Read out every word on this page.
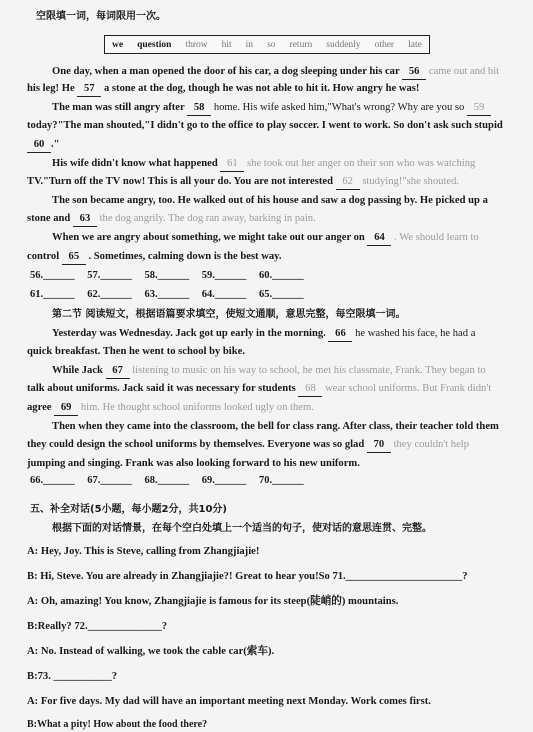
空限填一词，每词限用一次。
we question throw hit in so return suddenly other late
One day, when a man opened the door of his car, a dog sleeping under his car 56 came out and bit
his leg! He 57 a stone at the dog, though he was not able to hit it. How angry he was!
The man was still angry after 58 home. His wife asked him,"What's wrong? Why are you so 59
today?"The man shouted,"I didn't go to the office to play soccer. I went to work. So don't ask such stupid
60 ."
His wife didn't know what happened 61 she took out her anger on their son who was watching
TV."Turn off the TV now! This is all your do. You are not interested 62 studying!"she shouted.
The son became angry, too. He walked out of his house and saw a dog passing by. He picked up a
stone and 63 the dog angrily. The dog ran away, barking in pain.
When we are angry about something, we might take out our anger on 64 . We should learn to
control 65 . Sometimes, calming down is the best way.
56.______ 57.______ 58.______ 59.______ 60.______
61.______ 62.______ 63.______ 64.______ 65.______
第二节 阅读短文，根据语篇要求填空，使短文通顺，意思完整，每空限填一词。
Yesterday was Wednesday. Jack got up early in the morning. 66 he washed his face, he had a
quick breakfast. Then he went to school by bike.
While Jack 67 listening to music on his way to school, he met his classmate, Frank. They began to
talk about uniforms. Jack said it was necessary for students 68 wear school uniforms. But Frank didn't
agree 69 him. He thought school uniforms looked ugly on them.
Then when they came into the classroom, the bell for class rang. After class, their teacher told them
they could design the school uniforms by themselves. Everyone was so glad 70 they couldn't help
jumping and singing. Frank was also looking forward to his new uniform.
66.______ 67.______ 68.______ 69.______ 70.______
五、补全对话(5小题，每小题2分，共10分)
根据下面的对话情景，在每个空白处填上一个适当的句子，使对话的意思连贯、完整。
A: Hey, Joy. This is Steve, calling from Zhangjiajie!
B: Hi, Steve. You are already in Zhangjiajie?! Great to hear you!So 71.______________________?
A: Oh, amazing! You know, Zhangjiajie is famous for its steep(陡峭的) mountains.
B:Really? 72.______________?
A: No. Instead of walking, we took the cable car(索车).
B:73. ___________?
A: For five days. My dad will have an important meeting next Monday. Work comes first.
B:What a pity! How about the food there?
